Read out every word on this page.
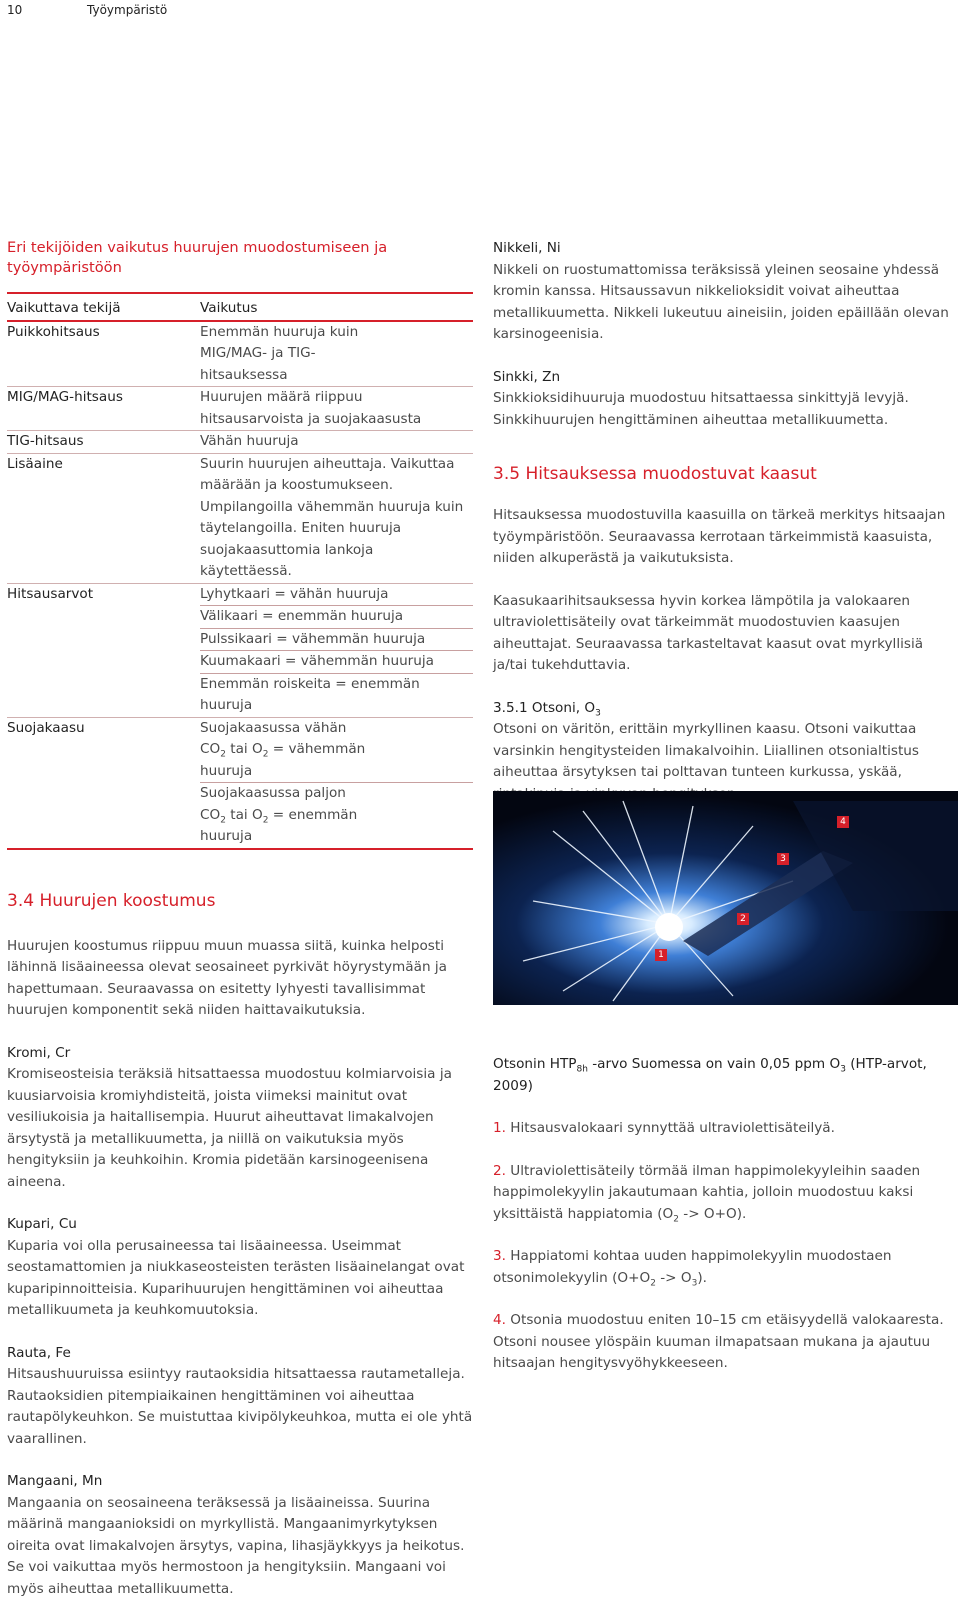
10	Työympäristö
Eri tekijöiden vaikutus huurujen muodostumiseen ja työympäristöön
Vaikuttava tekijä	Vaikutus
Puikkohitsaus	Enemmän huuruja kuin MIG/MAG- ja TIG-hitsauksessa
MIG/MAG-hitsaus	Huurujen määrä riippuu hitsausarvoista ja suojakaasusta
TIG-hitsaus	Vähän huuruja
Lisäaine	Suurin huurujen aiheuttaja. Vaikuttaa määrään ja koostumukseen. Umpilangoilla vähemmän huuruja kuin täytelangoilla. Eniten huuruja suojakaasuttomia lankoja käytettäessä.
Hitsausarvot	Lyhytkaari = vähän huuruja
Välikaari = enemmän huuruja
Pulssikaari = vähemmän huuruja
Kuumakaari = vähemmän huuruja
Enemmän roiskeita = enemmän huuruja

Suojakaasu	Suojakaasussa vähän $CO_2$ tai $O_2$ = vähemmän huuruja
Suojakaasussa paljon $CO_2$ tai $O_2$ = enemmän huuruja
3.4 Huurujen koostumus

Huurujen koostumus riippuu muun muassa siitä, kuinka helposti lähinnä lisäaineessa olevat seosaineet pyrkivät höyrystymään ja hapettumaan. Seuraavassa on esitetty lyhyesti tavallisimmat huurujen komponentit sekä niiden haittavaikutuksia.

Kromi, Cr

Kromiseosteisia teräksiä hitsattaessa muodostuu kolmiarvoisia ja kuusiarvoisia kromiyhdisteitä, joista viimeksi mainitut ovat vesiliukoisia ja haitallisempia. Huurut aiheuttavat limakalvojen ärsytystä ja metallikuumetta, ja niillä on vaikutuksia myös hengityksiin ja keuhkoihin. Kromia pidetään karsinogeenisena aineena.

Kupari, Cu

Kuparia voi olla perusaineessa tai lisäaineessa. Useimmat seostamattomien ja niukkaseosteisten terästen lisäainelangat ovat kuparipinnoitteisia. Kuparihuurujen hengittäminen voi aiheuttaa metallikuumeta ja keuhkomuutoksia.

Rauta, Fe

Hitsaushuuruissa esiintyy rautaoksidia hitsattaessa rautametalleja. Rautaoksidien pitempiaikainen hengittäminen voi aiheuttaa rautapölykeuhkon. Se muistuttaa kivipölykeuhkoa, mutta ei ole yhtä vaarallinen.

Mangaani, Mn

Mangaania on seosaineena teräksessä ja lisäaineissa. Suurina määrinä mangaanioksidi on myrkyllistä. Mangaanimyrkytyksen oireita ovat limakalvojen ärsytys, vapina, lihasjäykkyys ja heikotus. Se voi vaikuttaa myös hermostoon ja hengityksiin. Mangaani voi myös aiheuttaa metallikuumetta.

Nikkeli, Ni

Nikkeli on ruostumattomissa teräksissä yleinen seosaine yhdessä kromin kanssa. Hitsaussavun nikkelioksidit voivat aiheuttaa metallikuumetta. Nikkeli lukeutuu aineisiin, joiden epäillään olevan karsinogeenisia.

Sinkki, Zn

Sinkkioksidihuuruja muodostuu hitsattaessa sinkittyjä levyjä. Sinkkihuurujen hengittäminen aiheuttaa metallikuumetta.

3.5 Hitsauksessa muodostuvat kaasut

Hitsauksessa muodostuvilla kaasuilla on tärkeä merkitys hitsaajan työympäristöön. Seuraavassa kerrotaan tärkeimmistä kaasuista, niiden alkuperästä ja vaikutuksista.

Kaasukaarihitsauksessa hyvin korkea lämpötila ja valokaaren ultraviolettisäteily ovat tärkeimmät muodostuvien kaasujen aiheuttajat. Seuraavassa tarkasteltavat kaasut ovat myrkyllisiä ja/tai tukehduttavia.

3.5.1 Otsoni, $O_3$

Otsoni on väritön, erittäin myrkyllinen kaasu. Otsoni vaikuttaa varsinkin hengitysteiden limakalvoihin. Liiallinen otsonialtistus aiheuttaa ärsytyksen tai polttavan tunteen kurkussa, yskää,

1
2
3
4

Otsonin $HTP_{8h}$ -arvo Suomessa on vain 0,05 ppm $O_3$ (HTP-arvot, 2009)

1. Hitsausvalokaari synnyttää ultraviolettisäteilyä.

2. Ultraviolettisäteily törmää ilman happimolekyyleihin saaden happimolekyylin jakautumaan kahtia, jolloin muodostuu kaksi yksittäistä happiatomia $(O_2 -> O+O)$.

3. Happiatomi kohtaa uuden happimolekyylin muodostaen otsonimolekyylin $(O+O_2 -> O_3)$.

4. Otsonia muodostuu eniten 10–15 cm etäisyydellä valokaaresta. Otsoni nousee ylöspäin kuuman ilmapatsaan mukana ja ajautuu hitsaajan hengitysvyöhykkeeseen.
